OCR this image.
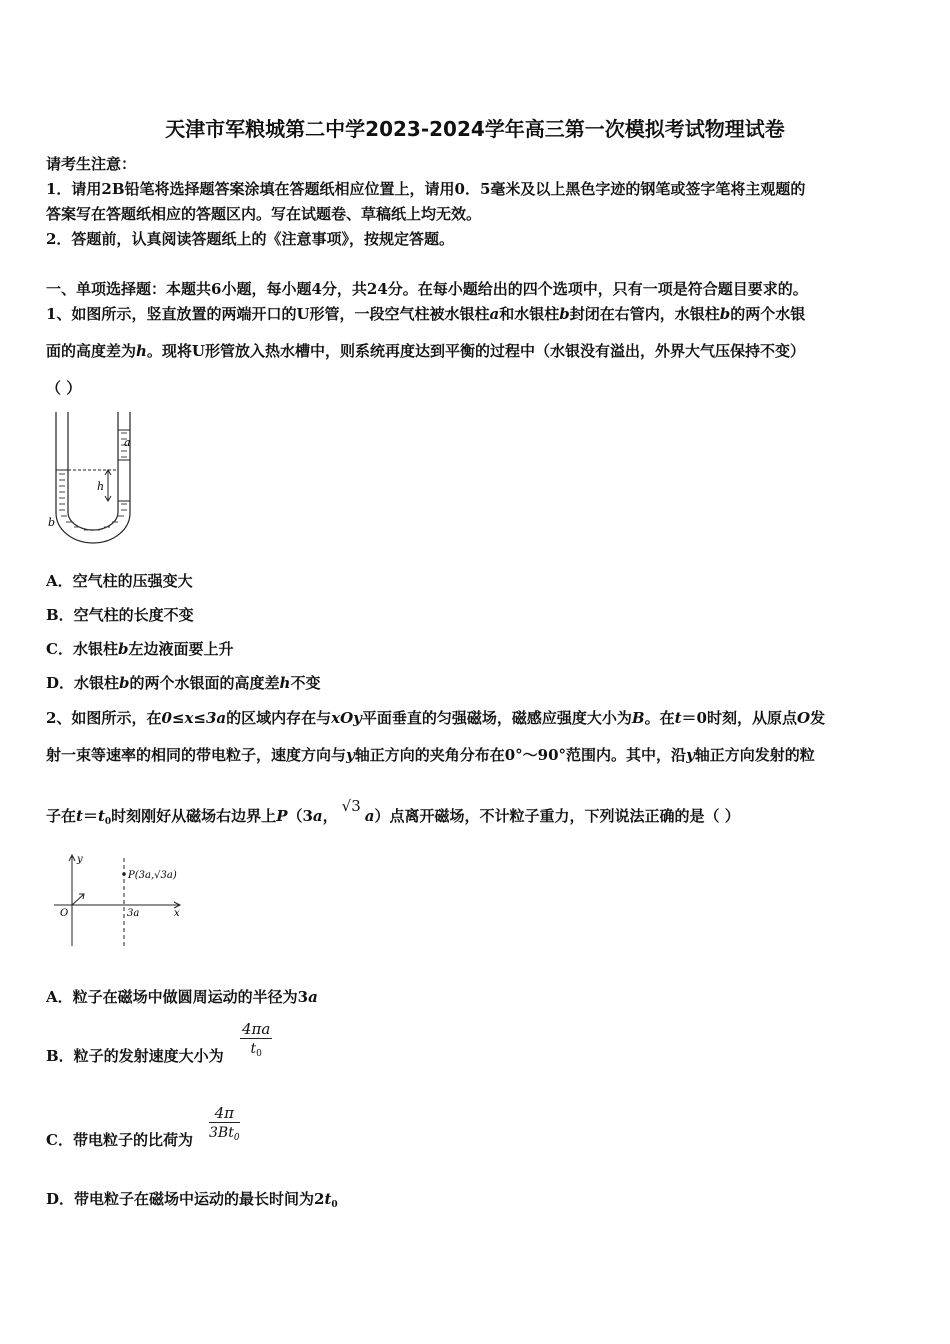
天津市军粮城第二中学2023-2024学年高三第一次模拟考试物理试卷
请考生注意：
1．请用2B铅笔将选择题答案涂填在答题纸相应位置上，请用0．5毫米及以上黑色字迹的钢笔或签字笔将主观题的
答案写在答题纸相应的答题区内。写在试题卷、草稿纸上均无效。
2．答题前，认真阅读答题纸上的《注意事项》，按规定答题。
一、单项选择题：本题共6小题，每小题4分，共24分。在每小题给出的四个选项中，只有一项是符合题目要求的。
1、如图所示，竖直放置的两端开口的U形管，一段空气柱被水银柱a和水银柱b封闭在右管内，水银柱b的两个水银
面的高度差为h。现将U形管放入热水槽中，则系统再度达到平衡的过程中（水银没有溢出，外界大气压保持不变）
（ ）
a
h
b
A．空气柱的压强变大
B．空气柱的长度不变
C．水银柱b左边液面要上升
D．水银柱b的两个水银面的高度差h不变
2、如图所示，在0≤x≤3a的区域内存在与xOy平面垂直的匀强磁场，磁感应强度大小为B。在t＝0时刻，从原点O发
射一束等速率的相同的带电粒子，速度方向与y轴正方向的夹角分布在0°～90°范围内。其中，沿y轴正方向发射的粒
子在$t=t_0$时刻刚好从磁场右边界上P（3a，√3a）点离开磁场，不计粒子重力，下列说法正确的是（ ）
y
x
O	3a
P(3a,√3a)
A．粒子在磁场中做圆周运动的半径为3a
B．粒子的发射速度大小为 $\frac{4\pi a}{t_0}$
C．带电粒子的比荷为 $\frac{4\pi}{3Bt_0}$
D．带电粒子在磁场中运动的最长时间为$2t_0$
